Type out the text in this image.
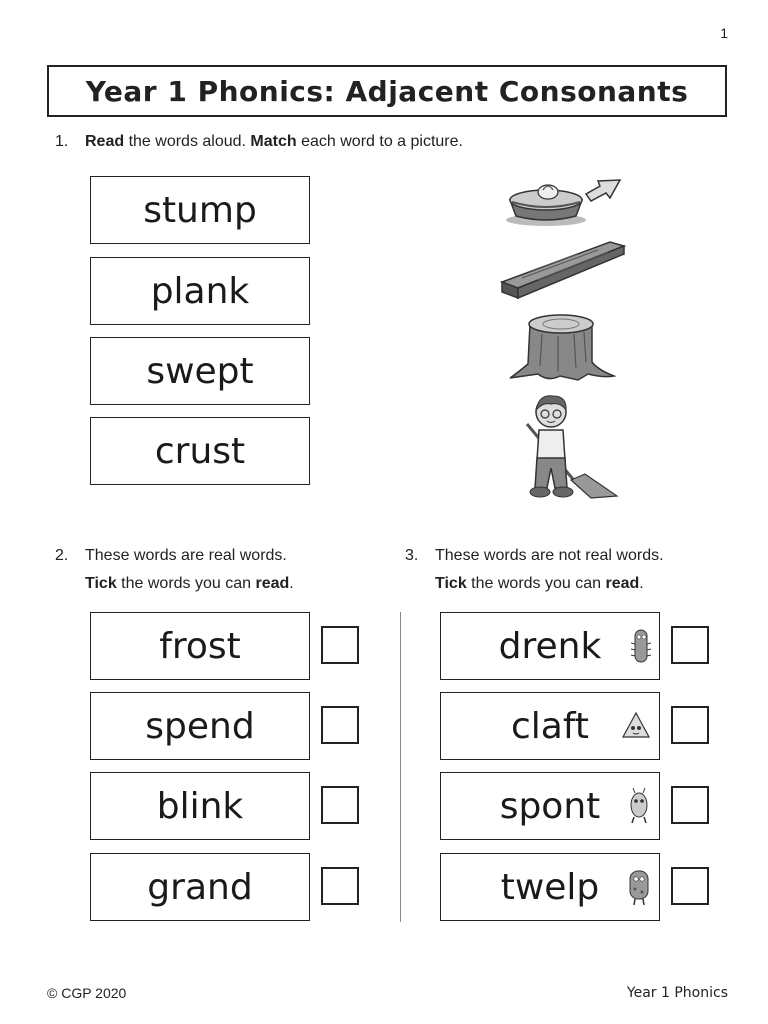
1
Year 1 Phonics: Adjacent Consonants
1. Read the words aloud. Match each word to a picture.
stump
plank
swept
crust
2. These words are real words.
Tick the words you can read.
3. These words are not real words.
Tick the words you can read.
frost
spend
blink
grand
drenk
claft
spont
twelp
© CGP 2020	Year 1 Phonics
